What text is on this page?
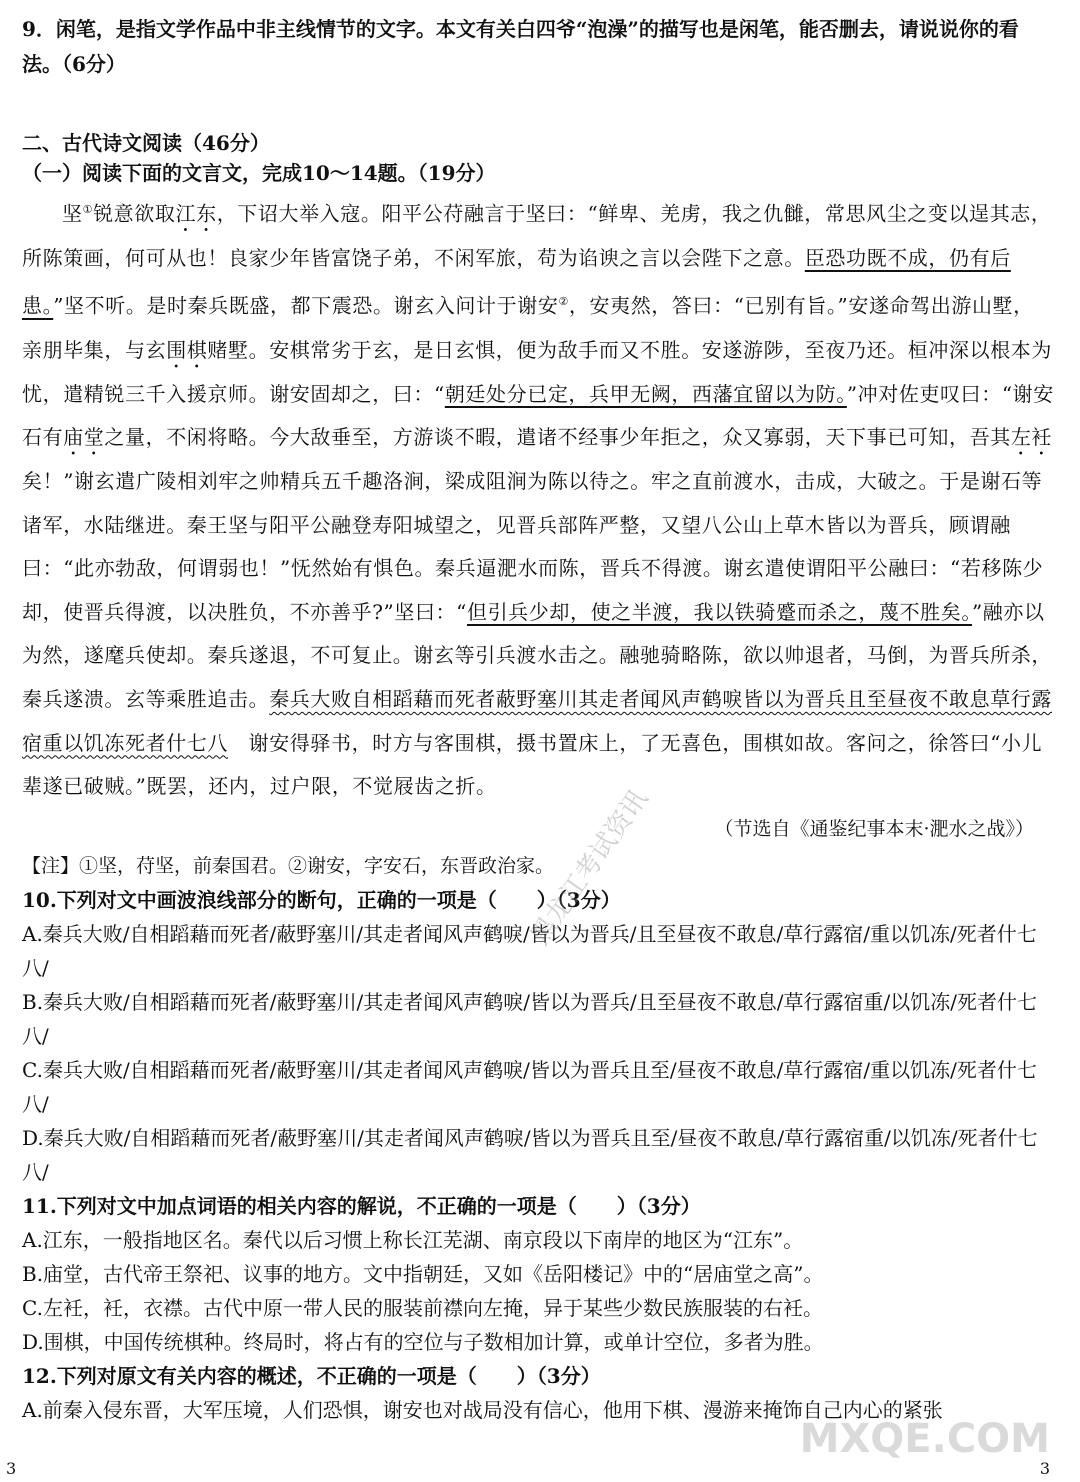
9．闲笔，是指文学作品中非主线情节的文字。本文有关白四爷“泡澡”的描写也是闲笔，能否删去，请说说你的看法。（6分）
二、古代诗文阅读（46分）
（一）阅读下面的文言文，完成10～14题。（19分）

坚①锐意欲取江东，下诏大举入寇。阳平公苻融言于坚曰：“鲜卑、羌虏，我之仇雠，常思风尘之变以逞其志，所陈策画，何可从也！良家少年皆富饶子弟，不闲军旅，苟为谄谀之言以会陛下之意。臣恐功既不成，仍有后患。”坚不听。是时秦兵既盛，都下震恐。谢玄入问计于谢安②，安夷然，答曰：“已别有旨。”安遂命驾出游山墅，亲朋毕集，与玄围棋赌墅。安棋常劣于玄，是日玄惧，便为敌手而又不胜。安遂游陟，至夜乃还。桓冲深以根本为忧，遣精锐三千入援京师。谢安固却之，曰：“朝廷处分已定，兵甲无阙，西藩宜留以为防。”冲对佐吏叹曰：“谢安石有庙堂之量，不闲将略。今大敌垂至，方游谈不暇，遣诸不经事少年拒之，众又寡弱，天下事已可知，吾其左衽矣！”谢玄遣广陵相刘牢之帅精兵五千趣洛涧，梁成阻涧为陈以待之。牢之直前渡水，击成，大破之。于是谢石等诸军，水陆继进。秦王坚与阳平公融登寿阳城望之，见晋兵部阵严整，又望八公山上草木皆以为晋兵，顾谓融曰：“此亦勃敌，何谓弱也！”怃然始有惧色。秦兵逼淝水而陈，晋兵不得渡。谢玄遣使谓阳平公融曰：“若移陈少却，使晋兵得渡，以决胜负，不亦善乎?”坚曰：“但引兵少却，使之半渡，我以铁骑蹙而杀之，蔑不胜矣。”融亦以为然，遂麾兵使却。秦兵遂退，不可复止。谢玄等引兵渡水击之。融驰骑略陈，欲以帅退者，马倒，为晋兵所杀，秦兵遂溃。玄等乘胜追击。秦兵大败自相蹈藉而死者蔽野塞川其走者闻风声鹤唳皆以为晋兵且至昼夜不敢息草行露宿重以饥冻死者什七八　 谢安得驿书，时方与客围棋，摄书置床上，了无喜色，围棋如故。客问之，徐答曰“小儿辈遂已破贼。”既罢，还内，过户限，不觉屐齿之折。

（节选自《通鉴纪事本末·淝水之战》）
【注】①坚，苻坚，前秦国君。②谢安，字安石，东晋政治家。

10.下列对文中画波浪线部分的断句，正确的一项是（　　）（3分）

A.秦兵大败/自相蹈藉而死者/蔽野塞川/其走者闻风声鹤唳/皆以为晋兵/且至昼夜不敢息/草行露宿/重以饥冻/死者什七八/

B.秦兵大败/自相蹈藉而死者/蔽野塞川/其走者闻风声鹤唳/皆以为晋兵/且至昼夜不敢息/草行露宿重/以饥冻/死者什七八/

C.秦兵大败/自相蹈藉而死者/蔽野塞川/其走者闻风声鹤唳/皆以为晋兵且至/昼夜不敢息/草行露宿/重以饥冻/死者什七八/

D.秦兵大败/自相蹈藉而死者/蔽野塞川/其走者闻风声鹤唳/皆以为晋兵且至/昼夜不敢息/草行露宿重/以饥冻/死者什七八/

11.下列对文中加点词语的相关内容的解说，不正确的一项是（　　）（3分）

A.江东，一般指地区名。秦代以后习惯上称长江芜湖、南京段以下南岸的地区为“江东”。

B.庙堂，古代帝王祭祀、议事的地方。文中指朝廷，又如《岳阳楼记》中的“居庙堂之高”。

C.左衽，衽，衣襟。古代中原一带人民的服装前襟向左掩，异于某些少数民族服装的右衽。

D.围棋，中国传统棋种。终局时，将占有的空位与子数相加计算，或单计空位，多者为胜。

12.下列对原文有关内容的概述，不正确的一项是（　　）（3分）

A.前秦入侵东晋，大军压境，人们恐惧，谢安也对战局没有信心，他用下棋、漫游来掩饰自己内心的紧张

黑龙江考试资讯
MXQE.COM
3	3
